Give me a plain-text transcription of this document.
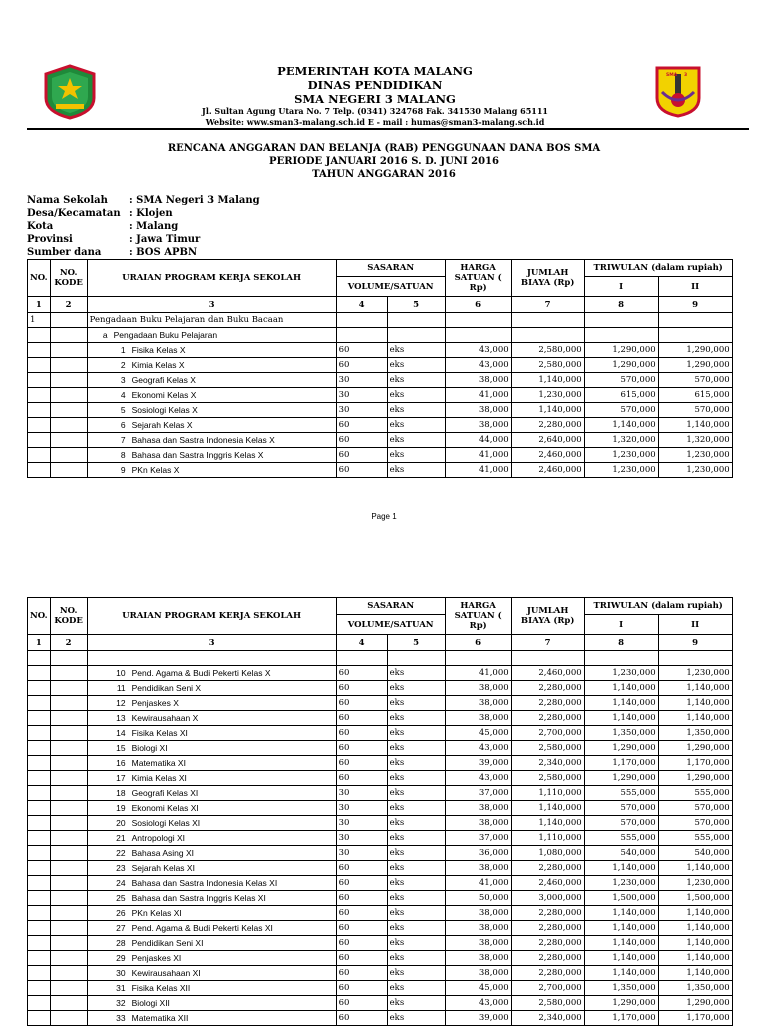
PEMERINTAH KOTA MALANG
DINAS PENDIDIKAN
SMA NEGERI 3 MALANG
Jl. Sultan Agung Utara No. 7 Telp. (0341) 324768 Fak. 341530 Malang 65111
Website: www.sman3-malang.sch.id E - mail : humas@sman3-malang.sch.id
SMA 3
RENCANA ANGGARAN DAN BELANJA (RAB) PENGGUNAAN DANA BOS SMA
PERIODE JANUARI 2016 S. D. JUNI 2016
TAHUN ANGGARAN 2016
Nama Sekolah	: SMA Negeri 3 Malang
Desa/Kecamatan : Klojen
Kota	: Malang
Provinsi	: Jawa Timur
Sumber dana	: BOS APBN
NO.	NO. KODE	URAIAN PROGRAM KERJA SEKOLAH	SASARAN		HARGA SATUAN ( Rp)	JUMLAH BIAYA (Rp)	TRIWULAN (dalam rupiah)	
			VOLUME/SATUAN				I	II
1	2	3	4	5	6	7	8	9
1		Pengadaan Buku Pelajaran dan Buku Bacaan						
		a Pengadaan Buku Pelajaran						
		1 Fisika Kelas X	60	eks	43,000	2,580,000	1,290,000	1,290,000
		2 Kimia Kelas X	60	eks	43,000	2,580,000	1,290,000	1,290,000
		3 Geografi Kelas X	30	eks	38,000	1,140,000	570,000	570,000
		4 Ekonomi Kelas X	30	eks	41,000	1,230,000	615,000	615,000
		5 Sosiologi Kelas X	30	eks	38,000	1,140,000	570,000	570,000
		6 Sejarah Kelas X	60	eks	38,000	2,280,000	1,140,000	1,140,000
		7 Bahasa dan Sastra Indonesia Kelas X	60	eks	44,000	2,640,000	1,320,000	1,320,000
		8 Bahasa dan Sastra Inggris Kelas X	60	eks	41,000	2,460,000	1,230,000	1,230,000
		9 PKn Kelas X	60	eks	41,000	2,460,000	1,230,000	1,230,000
Page 1
NO.	NO. KODE	URAIAN PROGRAM KERJA SEKOLAH	SASARAN		HARGA SATUAN ( Rp)	JUMLAH BIAYA (Rp)	TRIWULAN (dalam rupiah)	
			VOLUME/SATUAN				I	II
1	2	3	4	5	6	7	8	9

		10 Pend. Agama & Budi Pekerti Kelas X	60	eks	41,000	2,460,000	1,230,000	1,230,000
		11 Pendidikan Seni X	60	eks	38,000	2,280,000	1,140,000	1,140,000
		12 Penjaskes X	60	eks	38,000	2,280,000	1,140,000	1,140,000
		13 Kewirausahaan X	60	eks	38,000	2,280,000	1,140,000	1,140,000
		14 Fisika Kelas XI	60	eks	45,000	2,700,000	1,350,000	1,350,000
		15 Biologi XI	60	eks	43,000	2,580,000	1,290,000	1,290,000
		16 Matematika XI	60	eks	39,000	2,340,000	1,170,000	1,170,000
		17 Kimia Kelas XI	60	eks	43,000	2,580,000	1,290,000	1,290,000
		18 Geografi Kelas XI	30	eks	37,000	1,110,000	555,000	555,000
		19 Ekonomi Kelas XI	30	eks	38,000	1,140,000	570,000	570,000
		20 Sosiologi Kelas XI	30	eks	38,000	1,140,000	570,000	570,000
		21 Antropologi XI	30	eks	37,000	1,110,000	555,000	555,000
		22 Bahasa Asing XI	30	eks	36,000	1,080,000	540,000	540,000
		23 Sejarah Kelas XI	60	eks	38,000	2,280,000	1,140,000	1,140,000
		24 Bahasa dan Sastra Indonesia Kelas XI	60	eks	41,000	2,460,000	1,230,000	1,230,000
		25 Bahasa dan Sastra Inggris Kelas XI	60	eks	50,000	3,000,000	1,500,000	1,500,000
		26 PKn Kelas XI	60	eks	38,000	2,280,000	1,140,000	1,140,000
		27 Pend. Agama & Budi Pekerti Kelas XI	60	eks	38,000	2,280,000	1,140,000	1,140,000
		28 Pendidikan Seni XI	60	eks	38,000	2,280,000	1,140,000	1,140,000
		29 Penjaskes XI	60	eks	38,000	2,280,000	1,140,000	1,140,000
		30 Kewirausahaan XI	60	eks	38,000	2,280,000	1,140,000	1,140,000
		31 Fisika Kelas XII	60	eks	45,000	2,700,000	1,350,000	1,350,000
		32 Biologi XII	60	eks	43,000	2,580,000	1,290,000	1,290,000
		33 Matematika XII	60	eks	39,000	2,340,000	1,170,000	1,170,000
